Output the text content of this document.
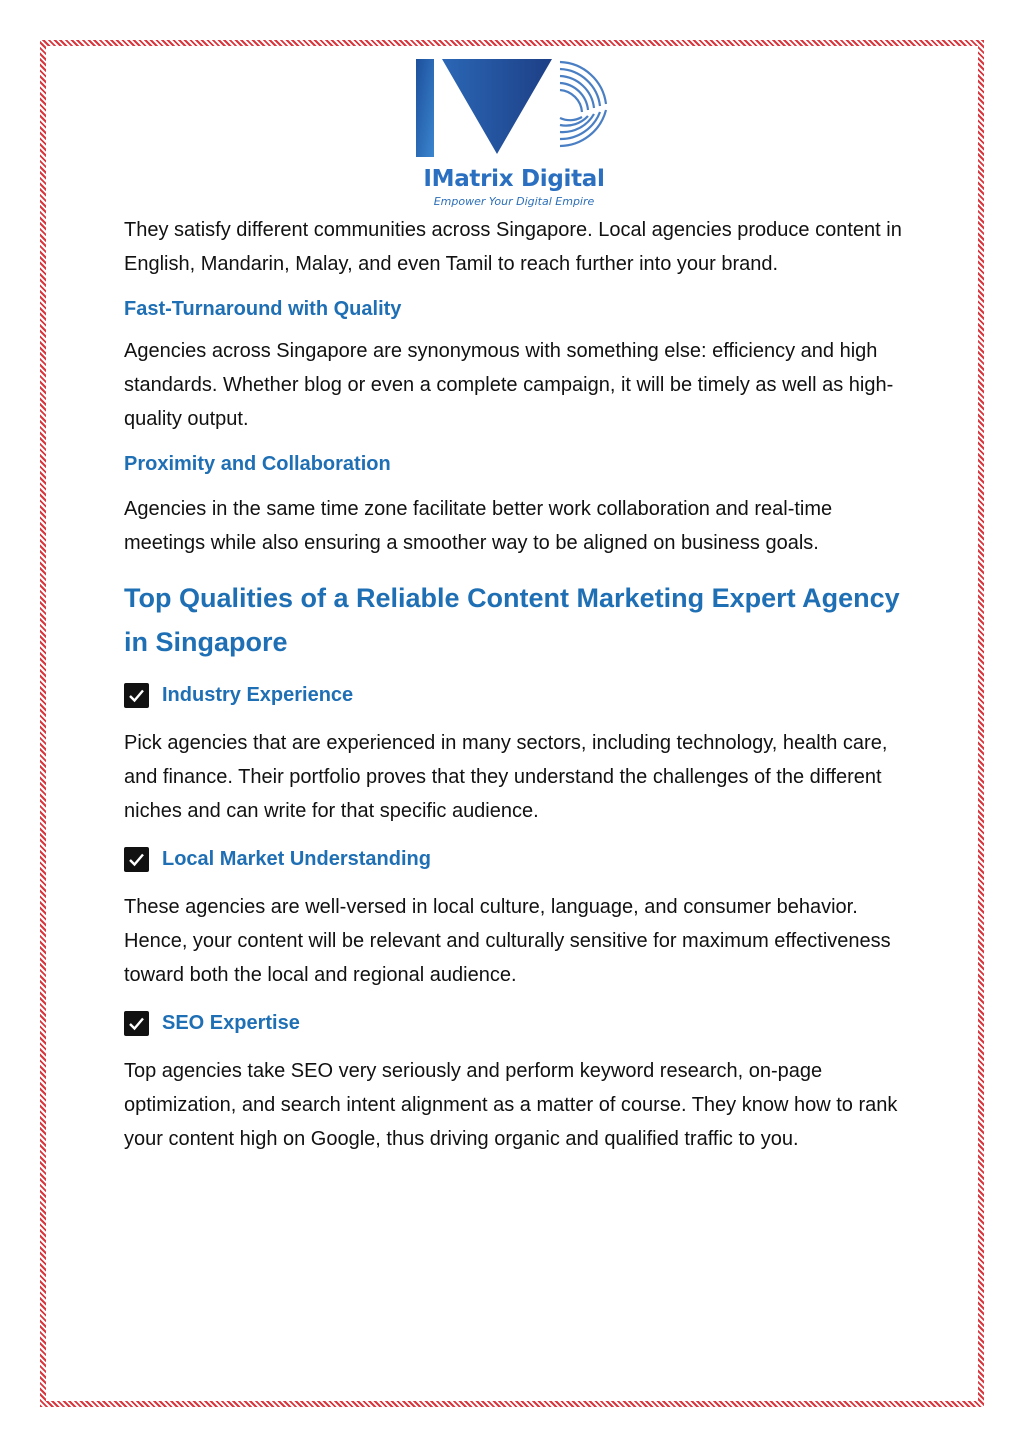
IMatrix Digital
Empower Your Digital Empire

They satisfy different communities across Singapore. Local agencies produce content in English, Mandarin, Malay, and even Tamil to reach further into your brand.

Fast-Turnaround with Quality

Agencies across Singapore are synonymous with something else: efficiency and high standards. Whether blog or even a complete campaign, it will be timely as well as high-quality output.

Proximity and Collaboration

Agencies in the same time zone facilitate better work collaboration and real-time meetings while also ensuring a smoother way to be aligned on business goals.

Top Qualities of a Reliable Content Marketing Expert Agency in Singapore
Industry Experience

Pick agencies that are experienced in many sectors, including technology, health care, and finance. Their portfolio proves that they understand the challenges of the different niches and can write for that specific audience.

Local Market Understanding

These agencies are well-versed in local culture, language, and consumer behavior. Hence, your content will be relevant and culturally sensitive for maximum effectiveness toward both the local and regional audience.

SEO Expertise

Top agencies take SEO very seriously and perform keyword research, on-page optimization, and search intent alignment as a matter of course. They know how to rank your content high on Google, thus driving organic and qualified traffic to you.
